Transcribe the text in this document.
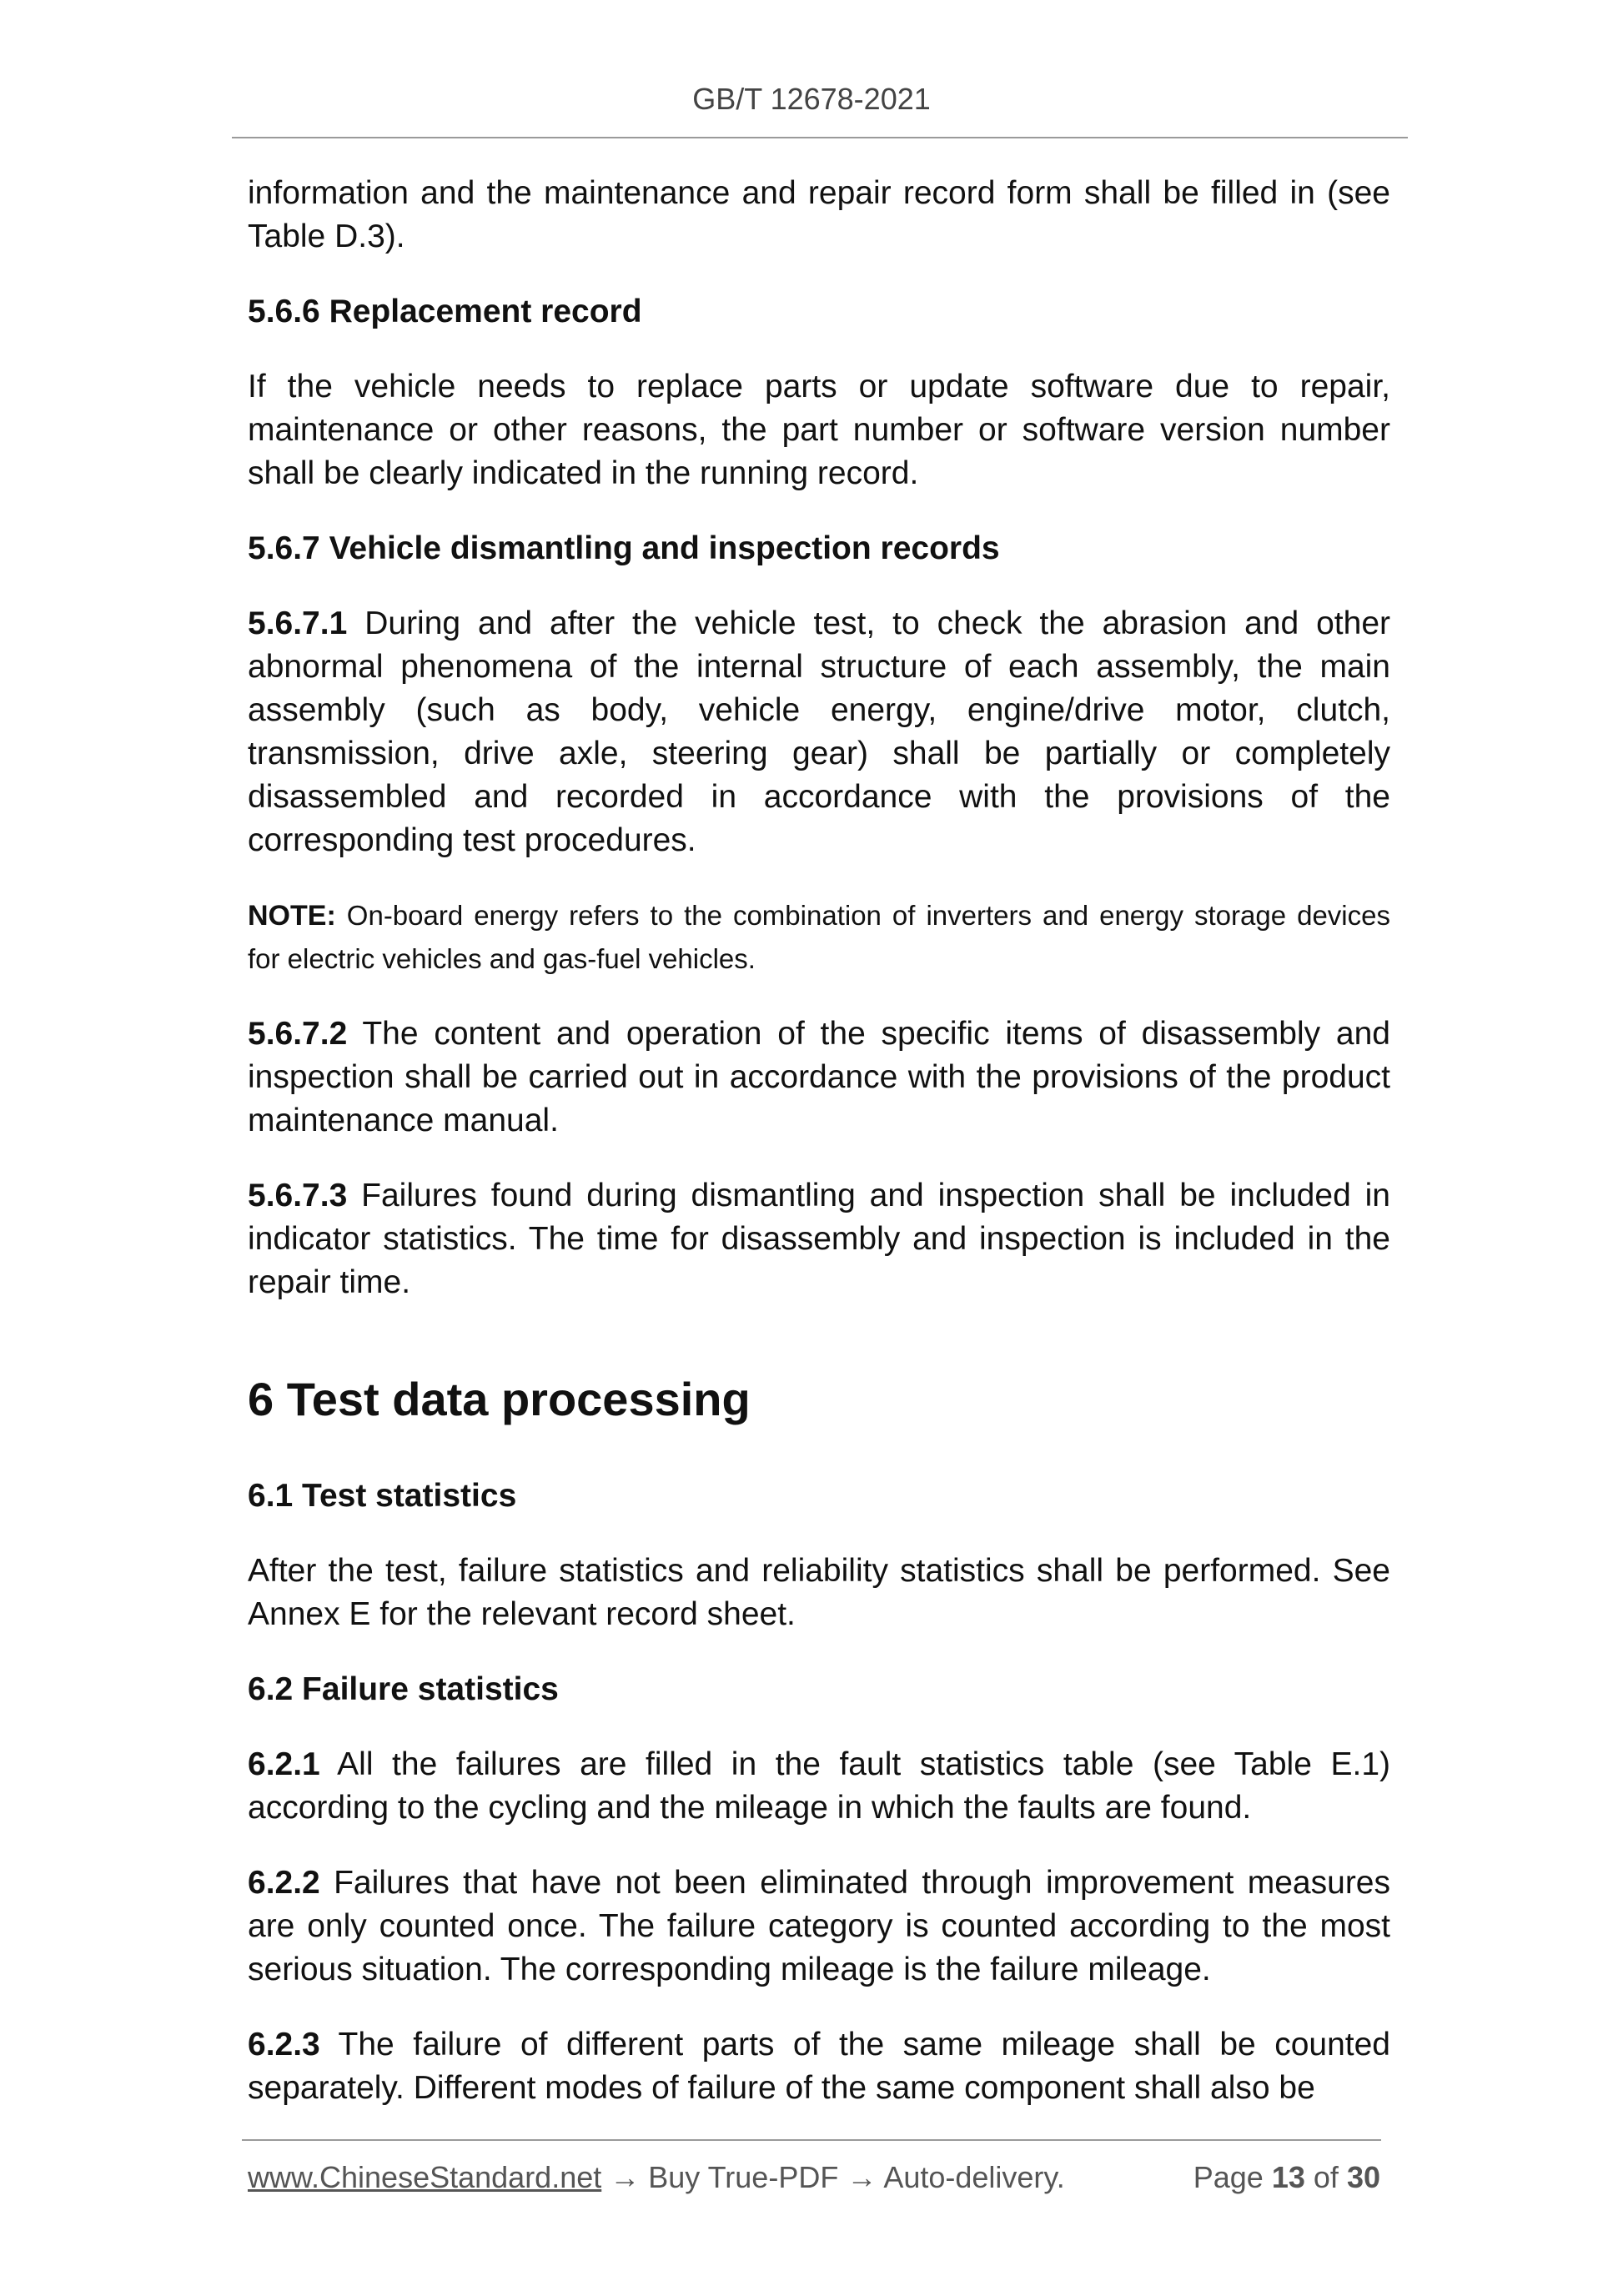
GB/T 12678-2021

information and the maintenance and repair record form shall be filled in (see Table D.3).

5.6.6 Replacement record

If the vehicle needs to replace parts or update software due to repair, maintenance or other reasons, the part number or software version number shall be clearly indicated in the running record.

5.6.7 Vehicle dismantling and inspection records

5.6.7.1 During and after the vehicle test, to check the abrasion and other abnormal phenomena of the internal structure of each assembly, the main assembly (such as body, vehicle energy, engine/drive motor, clutch, transmission, drive axle, steering gear) shall be partially or completely disassembled and recorded in accordance with the provisions of the corresponding test procedures.

NOTE: On-board energy refers to the combination of inverters and energy storage devices for electric vehicles and gas-fuel vehicles.

5.6.7.2 The content and operation of the specific items of disassembly and inspection shall be carried out in accordance with the provisions of the product maintenance manual.

5.6.7.3 Failures found during dismantling and inspection shall be included in indicator statistics. The time for disassembly and inspection is included in the repair time.

6 Test data processing
6.1 Test statistics

After the test, failure statistics and reliability statistics shall be performed. See Annex E for the relevant record sheet.

6.2 Failure statistics

6.2.1 All the failures are filled in the fault statistics table (see Table E.1) according to the cycling and the mileage in which the faults are found.

6.2.2 Failures that have not been eliminated through improvement measures are only counted once. The failure category is counted according to the most serious situation. The corresponding mileage is the failure mileage.

6.2.3 The failure of different parts of the same mileage shall be counted separately. Different modes of failure of the same component shall also be

www.ChineseStandard.net → Buy True-PDF → Auto-delivery.	Page 13 of 30
